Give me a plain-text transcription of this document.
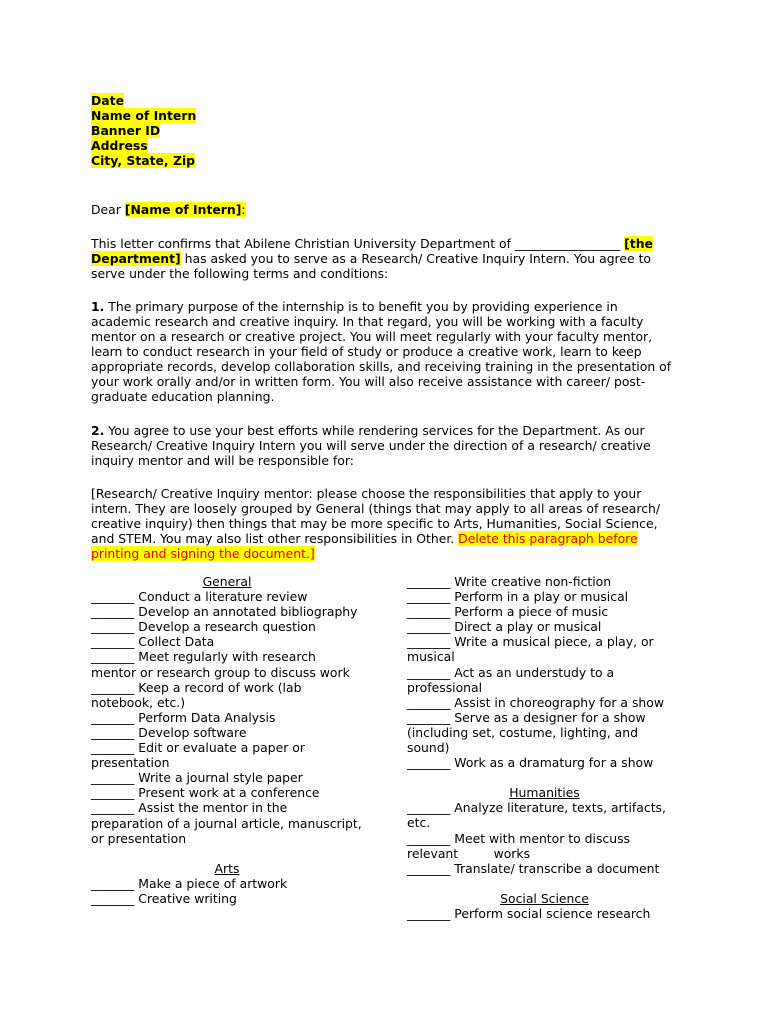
Date
Name of Intern
Banner ID
Address
City, State, Zip

Dear [Name of Intern]:

This letter confirms that Abilene Christian University Department of _________________ [the Department] has asked you to serve as a Research/ Creative Inquiry Intern. You agree to serve under the following terms and conditions:

1. The primary purpose of the internship is to benefit you by providing experience in academic research and creative inquiry. In that regard, you will be working with a faculty mentor on a research or creative project. You will meet regularly with your faculty mentor, learn to conduct research in your field of study or produce a creative work, learn to keep appropriate records, develop collaboration skills, and receiving training in the presentation of your work orally and/or in written form. You will also receive assistance with career/ post-graduate education planning.

2. You agree to use your best efforts while rendering services for the Department. As our Research/ Creative Inquiry Intern you will serve under the direction of a research/ creative inquiry mentor and will be responsible for:

[Research/ Creative Inquiry mentor: please choose the responsibilities that apply to your intern. They are loosely grouped by General (things that may apply to all areas of research/ creative inquiry) then things that may be more specific to Arts, Humanities, Social Science, and STEM. You may also list other responsibilities in Other. Delete this paragraph before printing and signing the document.]

General
_______ Conduct a literature review
_______ Develop an annotated bibliography
_______ Develop a research question
_______ Collect Data
_______ Meet regularly with research mentor or research group to discuss work
_______ Keep a record of work (lab notebook, etc.)
_______ Perform Data Analysis
_______ Develop software
_______ Edit or evaluate a paper or presentation
_______ Write a journal style paper
_______ Present work at a conference
_______ Assist the mentor in the preparation of a journal article, manuscript, or presentation
Arts
_______ Make a piece of artwork
_______ Creative writing
_______ Write creative non-fiction
_______ Perform in a play or musical
_______ Perform a piece of music
_______ Direct a play or musical
_______ Write a musical piece, a play, or musical
_______ Act as an understudy to a professional
_______ Assist in choreography for a show
_______ Serve as a designer for a show (including set, costume, lighting, and sound)
_______ Work as a dramaturg for a show
Humanities
_______ Analyze literature, texts, artifacts, etc.
_______ Meet with mentor to discuss relevant         works
_______ Translate/ transcribe a document
Social Science
_______ Perform social science research
